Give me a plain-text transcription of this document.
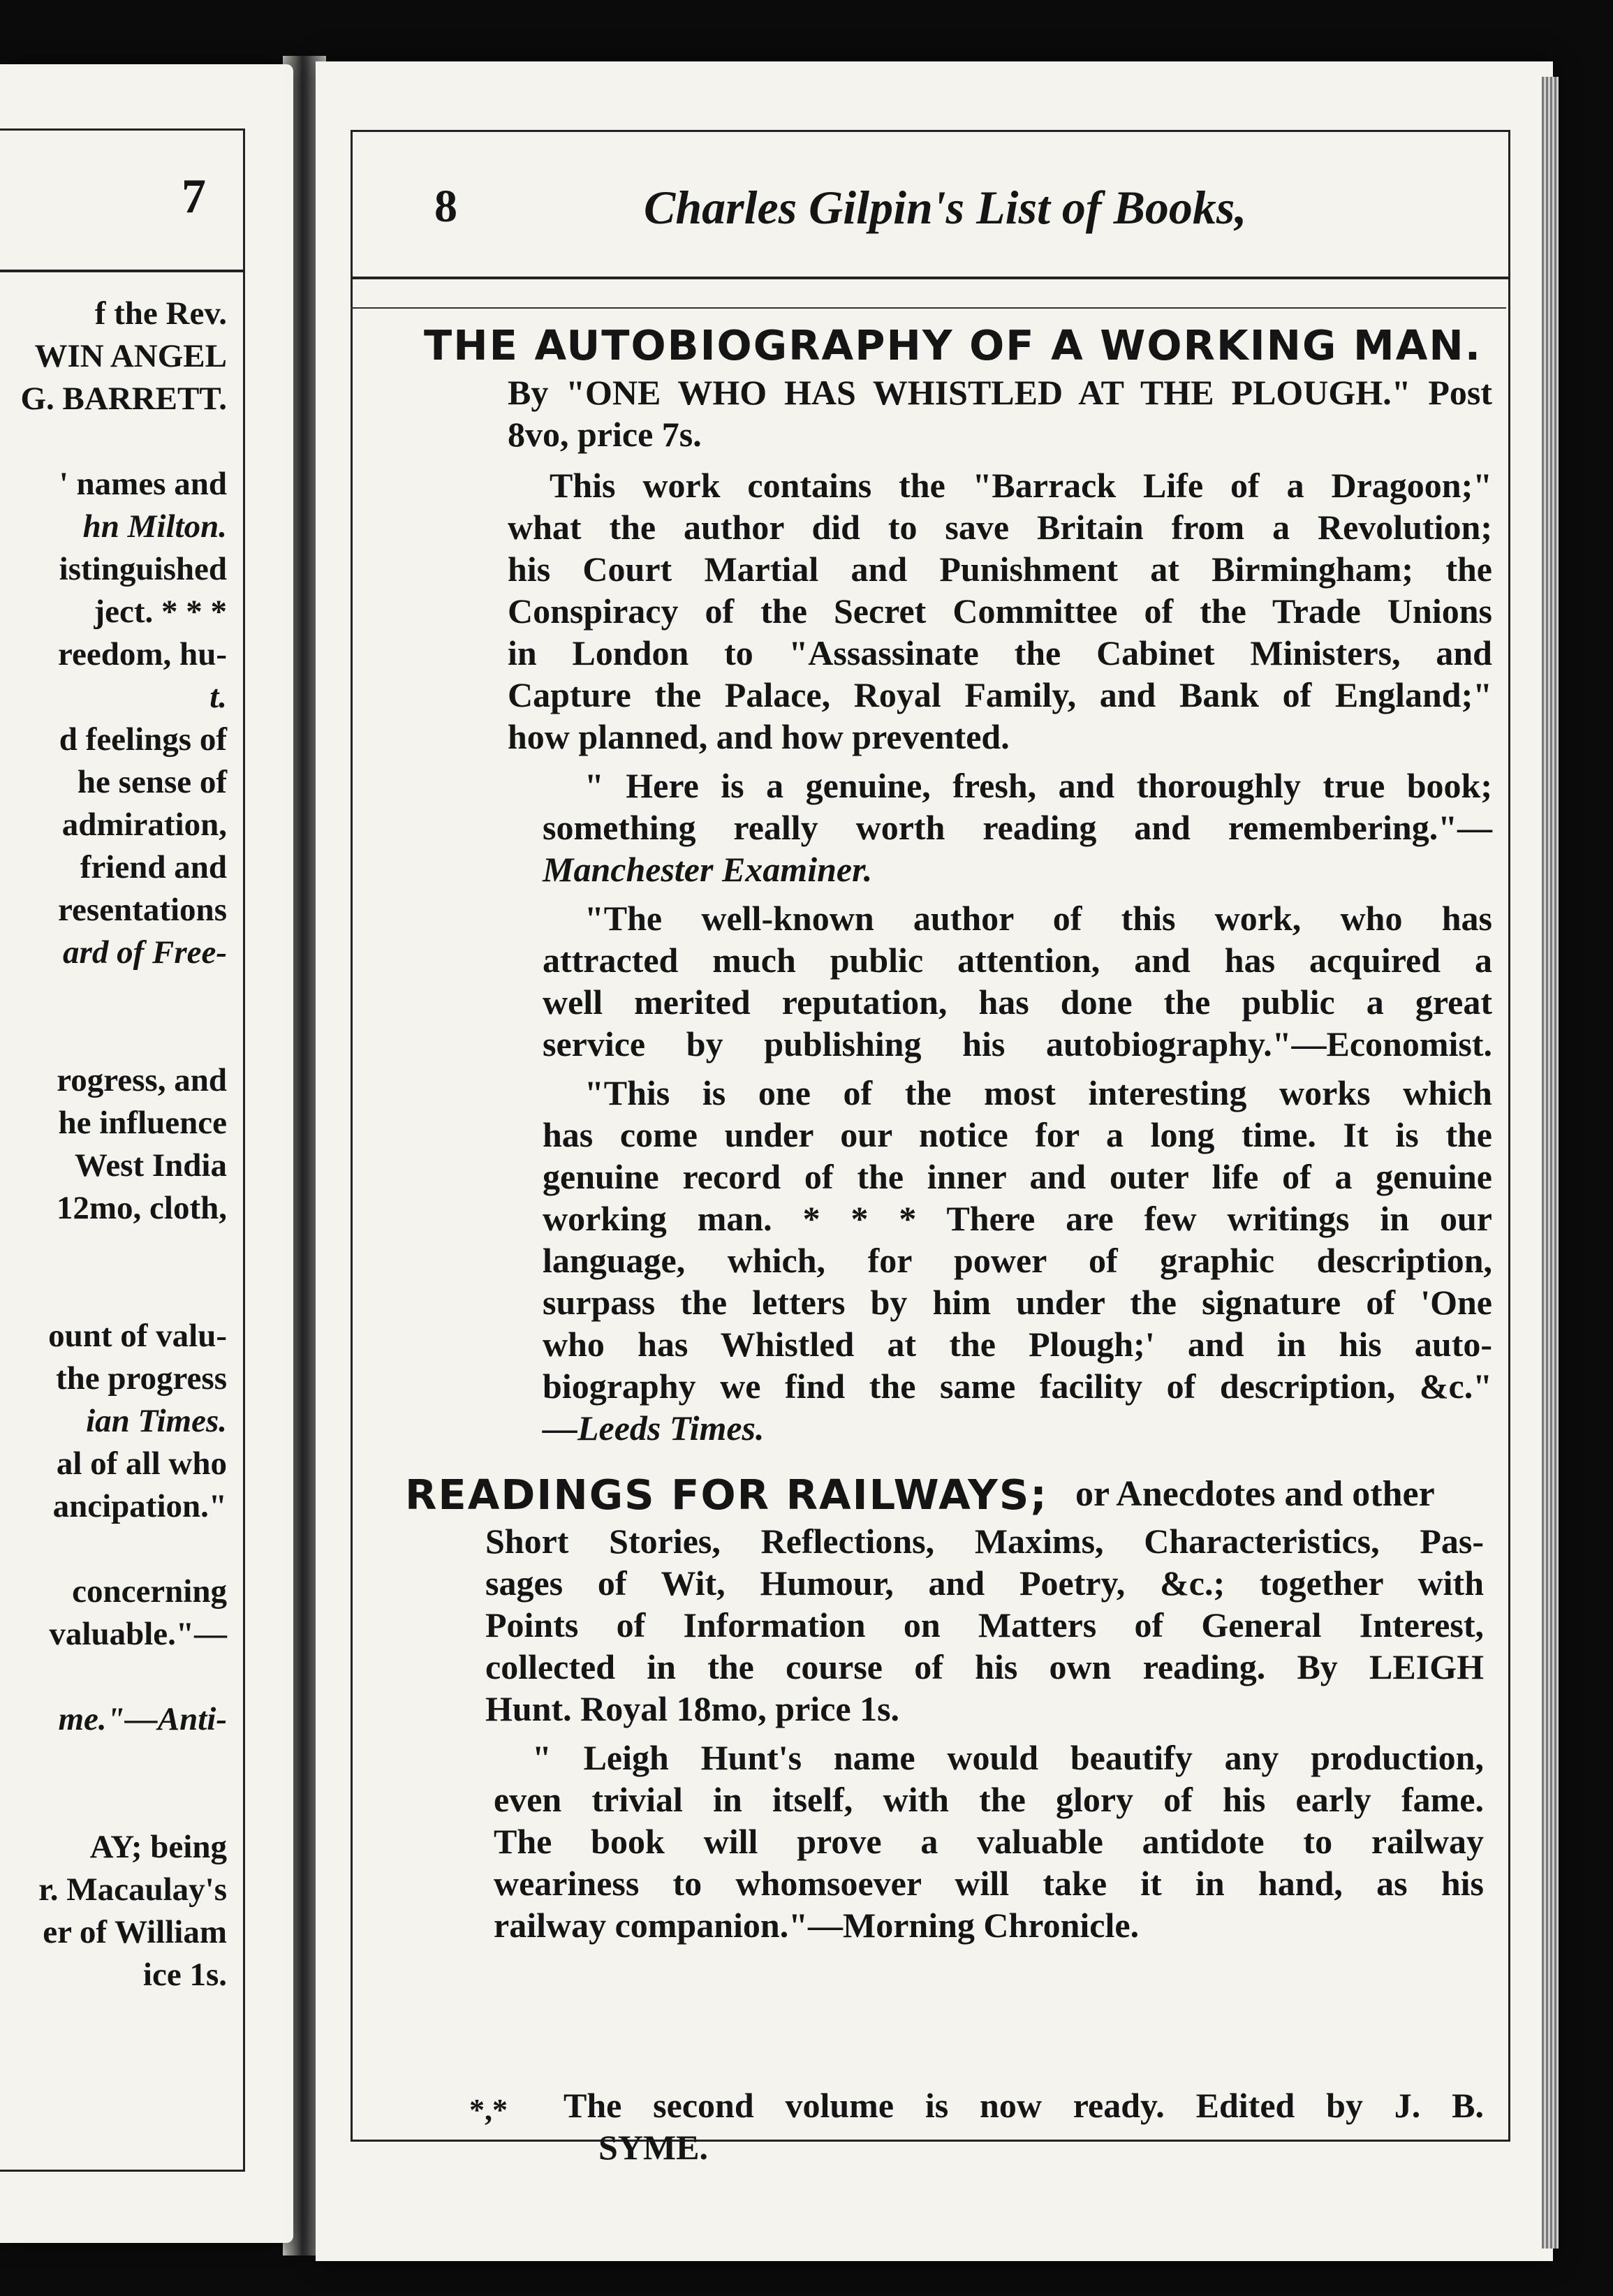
7
f the Rev.
WIN ANGEL
G. BARRETT.
' names and
hn Milton.
istinguished
ject. * * *
reedom, hu-
t.
d feelings of
he sense of
admiration,
friend and
resentations
ard of Free-
rogress, and
he influence
West India
12mo, cloth,
ount of valu-
the progress
ian Times.
al of all who
ancipation."
concerning
valuable."—
me."—Anti-
AY; being
r. Macaulay's
er of William
ice 1s.
8	Charles Gilpin's List of Books,
THE AUTOBIOGRAPHY OF A WORKING MAN.
By "ONE WHO HAS WHISTLED AT THE PLOUGH." Post
8vo, price 7s.
This work contains the "Barrack Life of a Dragoon;"
what the author did to save Britain from a Revolution;
his Court Martial and Punishment at Birmingham; the
Conspiracy of the Secret Committee of the Trade Unions
in London to "Assassinate the Cabinet Ministers, and
Capture the Palace, Royal Family, and Bank of England;"
how planned, and how prevented.
" Here is a genuine, fresh, and thoroughly true book;
something really worth reading and remembering."—
Manchester Examiner.
"The well-known author of this work, who has
attracted much public attention, and has acquired a
well merited reputation, has done the public a great
service by publishing his autobiography."—Economist.
"This is one of the most interesting works which
has come under our notice for a long time. It is the
genuine record of the inner and outer life of a genuine
working man. * * * There are few writings in our
language, which, for power of graphic description,
surpass the letters by him under the signature of 'One
who has Whistled at the Plough;' and in his auto-
biography we find the same facility of description, &c."
—Leeds Times.
READINGS FOR RAILWAYS; or Anecdotes and other
Short Stories, Reflections, Maxims, Characteristics, Pas-
sages of Wit, Humour, and Poetry, &c.; together with
Points of Information on Matters of General Interest,
collected in the course of his own reading. By LEIGH
Hunt. Royal 18mo, price 1s.
" Leigh Hunt's name would beautify any production,
even trivial in itself, with the glory of his early fame.
The book will prove a valuable antidote to railway
weariness to whomsoever will take it in hand, as his
railway companion."—Morning Chronicle.
*,* The second volume is now ready. Edited by J. B.
SYME.
